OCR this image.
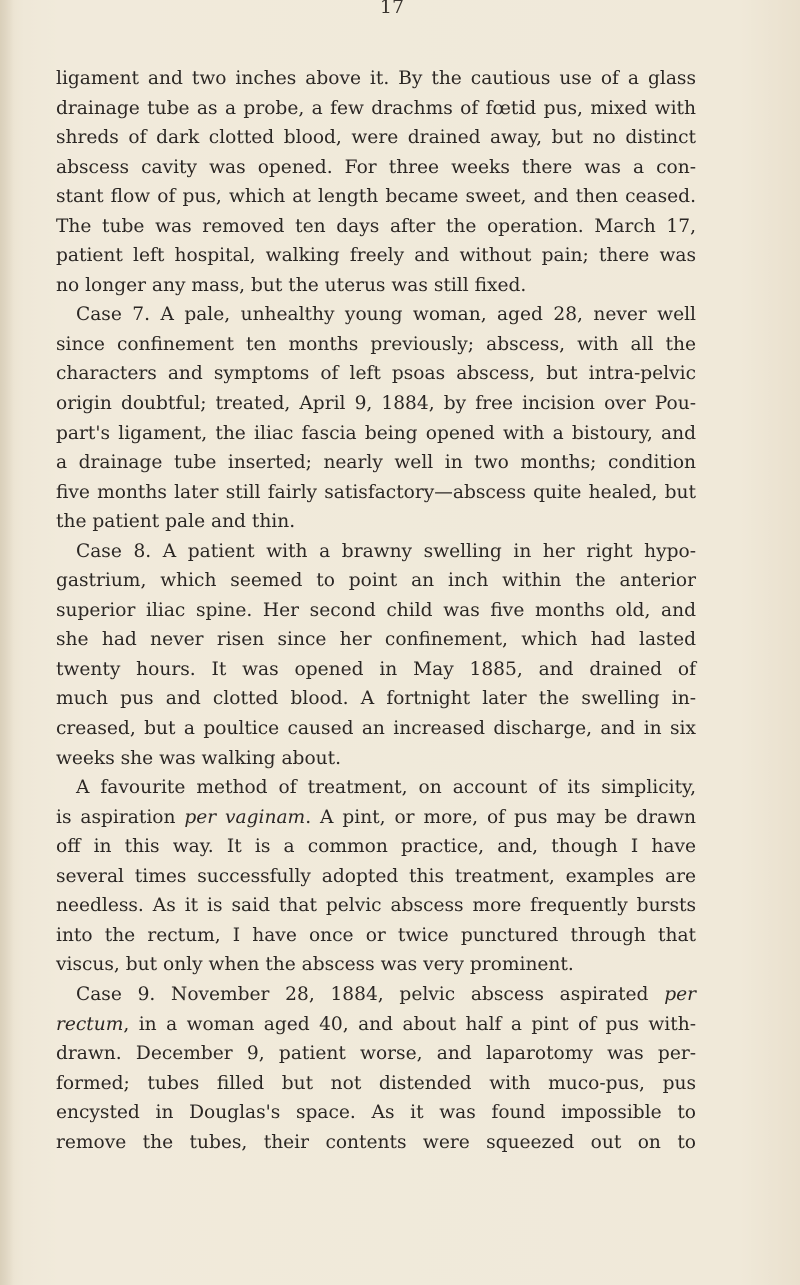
17
ligament and two inches above it. By the cautious use of a glass
drainage tube as a probe, a few drachms of fœtid pus, mixed with
shreds of dark clotted blood, were drained away, but no distinct
abscess cavity was opened. For three weeks there was a con-
stant flow of pus, which at length became sweet, and then ceased.
The tube was removed ten days after the operation. March 17,
patient left hospital, walking freely and without pain; there was
no longer any mass, but the uterus was still fixed.
Case 7. A pale, unhealthy young woman, aged 28, never well
since confinement ten months previously; abscess, with all the
characters and symptoms of left psoas abscess, but intra-pelvic
origin doubtful; treated, April 9, 1884, by free incision over Pou-
part's ligament, the iliac fascia being opened with a bistoury, and
a drainage tube inserted; nearly well in two months; condition
five months later still fairly satisfactory—abscess quite healed, but
the patient pale and thin.
Case 8. A patient with a brawny swelling in her right hypo-
gastrium, which seemed to point an inch within the anterior
superior iliac spine. Her second child was five months old, and
she had never risen since her confinement, which had lasted
twenty hours. It was opened in May 1885, and drained of
much pus and clotted blood. A fortnight later the swelling in-
creased, but a poultice caused an increased discharge, and in six
weeks she was walking about.
A favourite method of treatment, on account of its simplicity,
is aspiration per vaginam. A pint, or more, of pus may be drawn
off in this way. It is a common practice, and, though I have
several times successfully adopted this treatment, examples are
needless. As it is said that pelvic abscess more frequently bursts
into the rectum, I have once or twice punctured through that
viscus, but only when the abscess was very prominent.
Case 9. November 28, 1884, pelvic abscess aspirated per
rectum, in a woman aged 40, and about half a pint of pus with-
drawn. December 9, patient worse, and laparotomy was per-
formed; tubes filled but not distended with muco-pus, pus
encysted in Douglas's space. As it was found impossible to
remove the tubes, their contents were squeezed out on to
